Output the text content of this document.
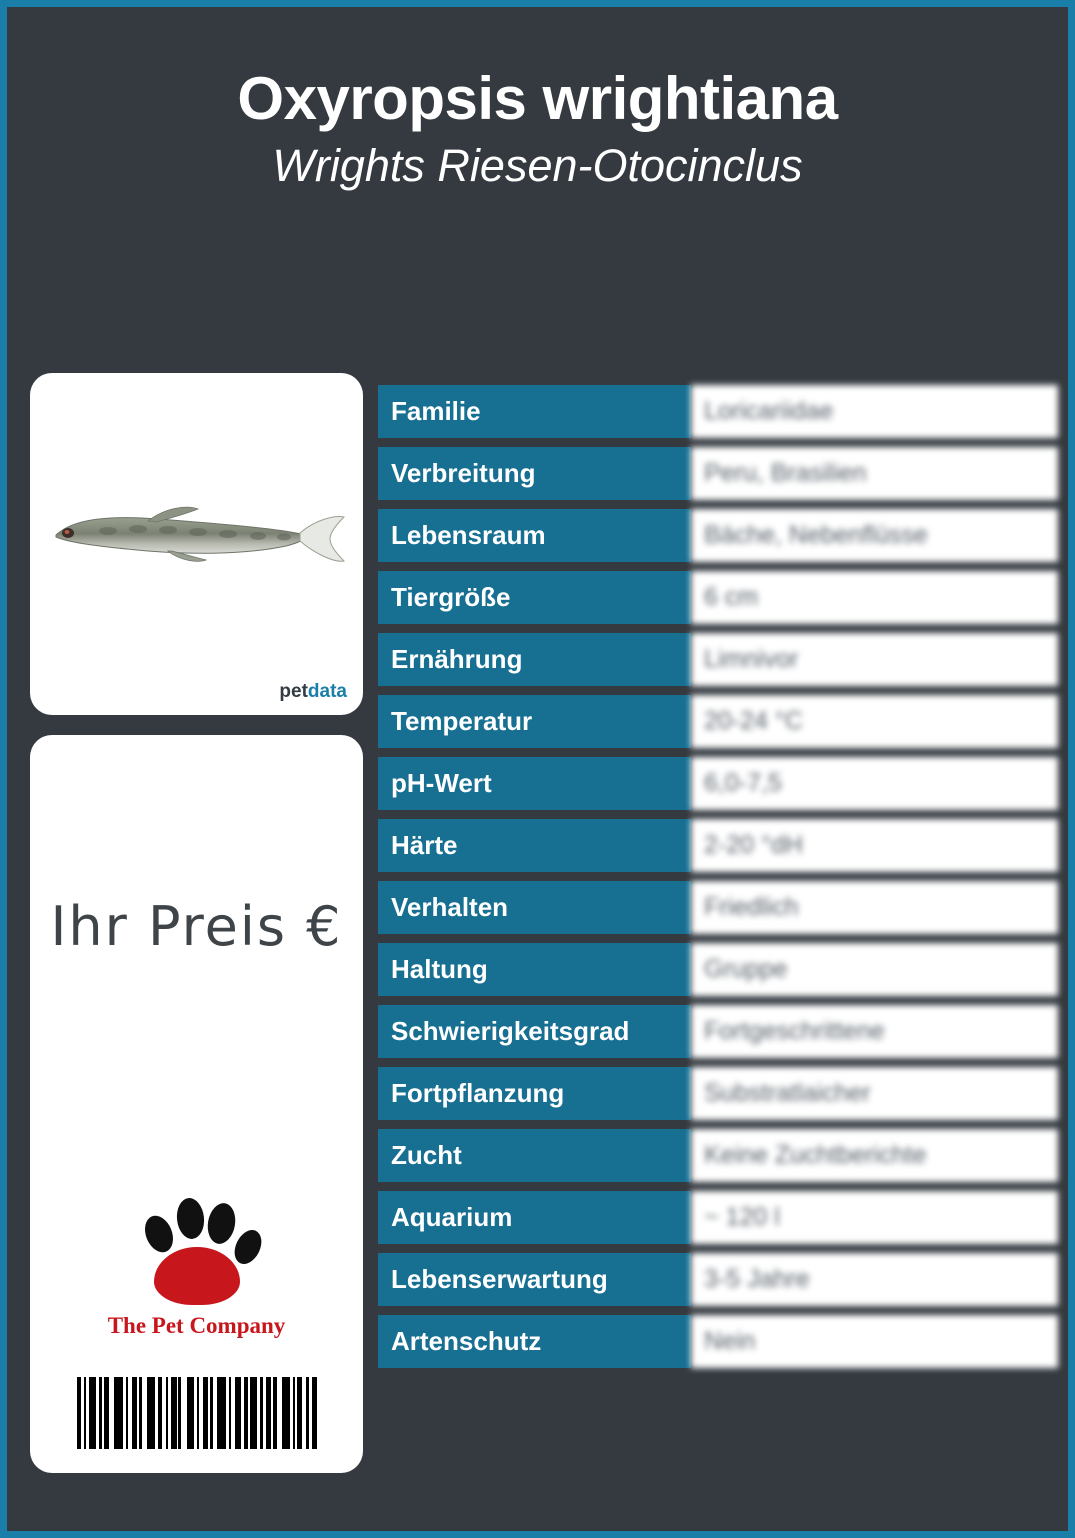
Oxyropsis wrightiana
Wrights Riesen-Otocinclus
petdata
Ihr Preis €
The Pet Company
Familie	Loricariidae
Verbreitung	Peru, Brasilien
Lebensraum	Bäche, Nebenflüsse
Tiergröße	6 cm
Ernährung	Limnivor
Temperatur	20-24 °C
pH-Wert	6,0-7,5
Härte	2-20 °dH
Verhalten	Friedlich
Haltung	Gruppe
Schwierigkeitsgrad	Fortgeschrittene
Fortpflanzung	Substratlaicher
Zucht	Keine Zuchtberichte
Aquarium	~ 120 l
Lebenserwartung	3-5 Jahre
Artenschutz	Nein
